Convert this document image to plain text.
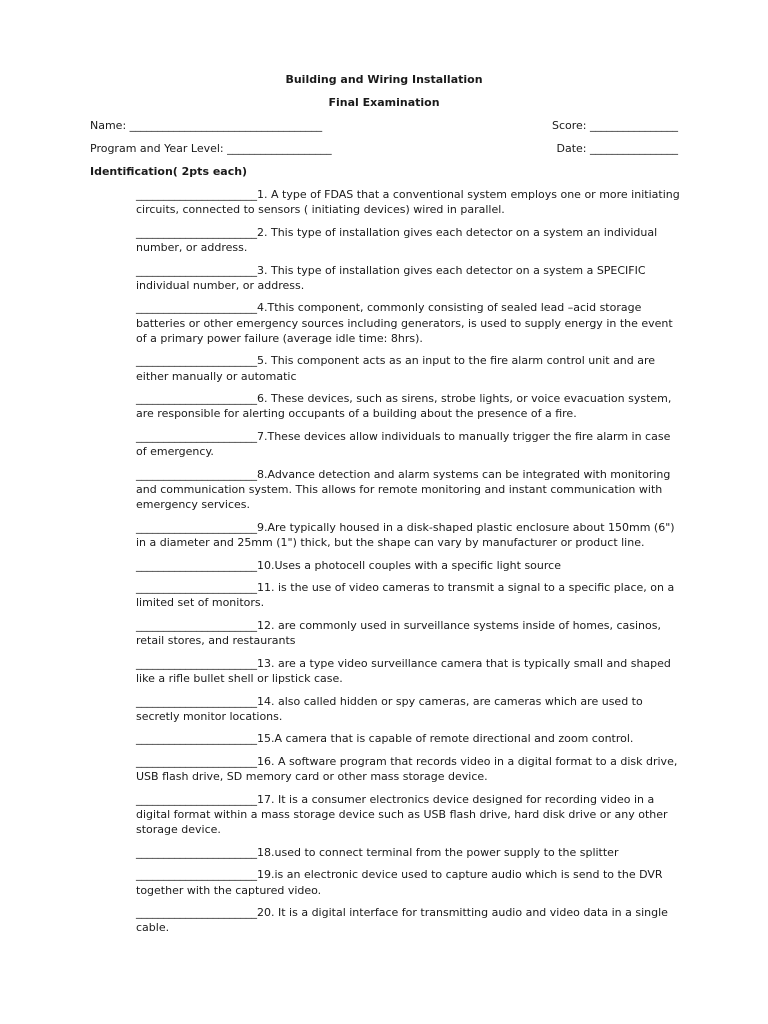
Building and Wiring Installation
Final Examination
Name: ___________________________________	Score: ________________
Program and Year Level: ___________________	Date: ________________
Identification( 2pts each)

______________________1. A type of FDAS that a conventional system employs one or more initiating circuits, connected to sensors ( initiating devices) wired in parallel.

______________________2. This type of installation gives each detector on a system an individual number, or address.

______________________3. This type of installation gives each detector on a system a SPECIFIC individual number, or address.

______________________4.Tthis component, commonly consisting of sealed lead –acid storage batteries or other emergency sources including generators, is used to supply energy in the event of a primary power failure (average idle time: 8hrs).

______________________5. This component acts as an input to the fire alarm control unit and are either manually or automatic

______________________6. These devices, such as sirens, strobe lights, or voice evacuation system, are responsible for alerting occupants of a building about the presence of a fire.

______________________7.These devices allow individuals to manually trigger the fire alarm in case of emergency.

______________________8.Advance detection and alarm systems can be integrated with monitoring and communication system. This allows for remote monitoring and instant communication with emergency services.

______________________9.Are typically housed in a disk-shaped plastic enclosure about 150mm (6") in a diameter and 25mm (1") thick, but the shape can vary by manufacturer or product line.

______________________10.Uses a photocell couples with a specific light source

______________________11. is the use of video cameras to transmit a signal to a specific place, on a limited set of monitors.

______________________12. are commonly used in surveillance systems inside of homes, casinos, retail stores, and restaurants

______________________13. are a type video surveillance camera that is typically small and shaped like a rifle bullet shell or lipstick case.

______________________14. also called hidden or spy cameras, are cameras which are used to secretly monitor locations.

______________________15.A camera that is capable of remote directional and zoom control.

______________________16. A software program that records video in a digital format to a disk drive, USB flash drive, SD memory card or other mass storage device.

______________________17. It is a consumer electronics device designed for recording video in a digital format within a mass storage device such as USB flash drive, hard disk drive or any other storage device.

______________________18.used to connect terminal from the power supply to the splitter

______________________19.is an electronic device used to capture audio which is send to the DVR together with the captured video.

______________________20. It is a digital interface for transmitting audio and video data in a single cable.
